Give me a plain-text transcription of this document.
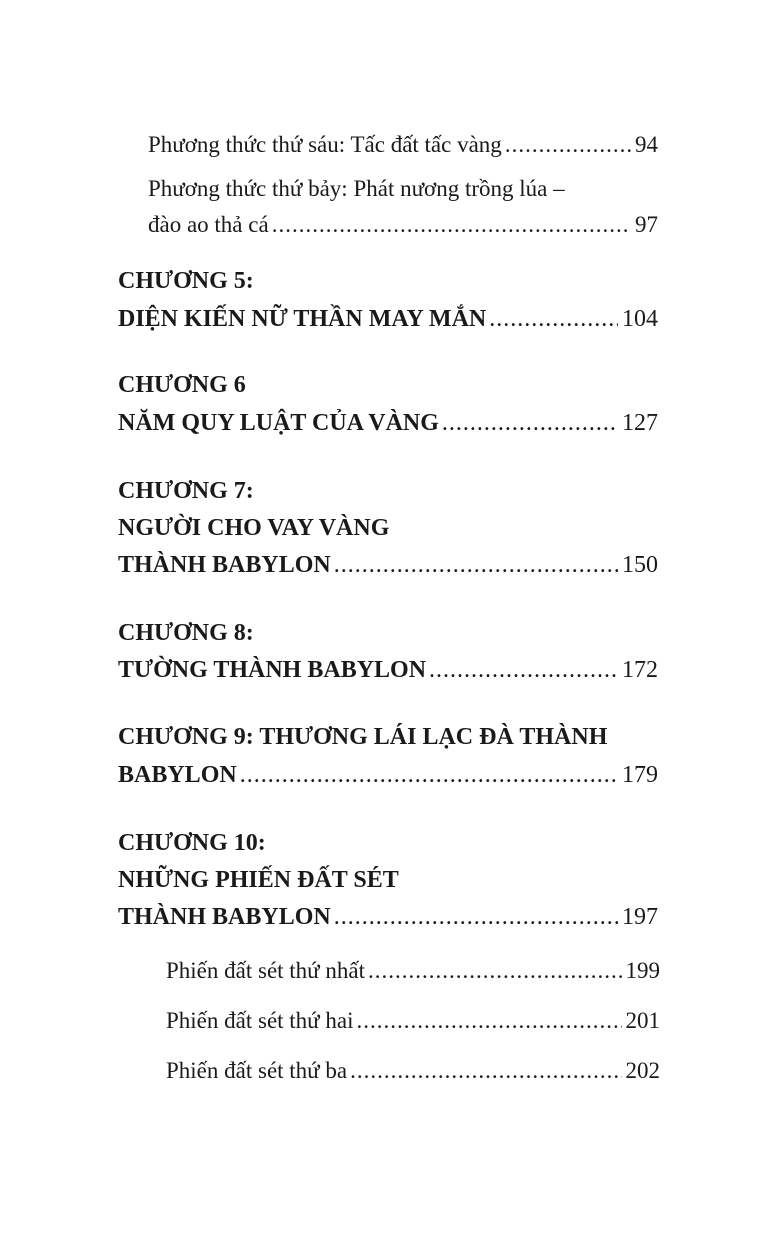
Phương thức thứ sáu: Tấc đất tấc vàng .....	94
Phương thức thứ bảy: Phát nương trồng lúa –
đào ao thả cá .....	97
CHƯƠNG 5:
DIỆN KIẾN NỮ THẦN MAY MẮN .....	104
CHƯƠNG 6
NĂM QUY LUẬT CỦA VÀNG .....	127
CHƯƠNG 7:
NGƯỜI CHO VAY VÀNG
THÀNH BABYLON .....	150
CHƯƠNG 8:
TƯỜNG THÀNH BABYLON .....	172
CHƯƠNG 9: THƯƠNG LÁI LẠC ĐÀ THÀNH
BABYLON .....	179
CHƯƠNG 10:
NHỮNG PHIẾN ĐẤT SÉT
THÀNH BABYLON .....	197
Phiến đất sét thứ nhất .....	199
Phiến đất sét thứ hai .....	201
Phiến đất sét thứ ba .....	202
